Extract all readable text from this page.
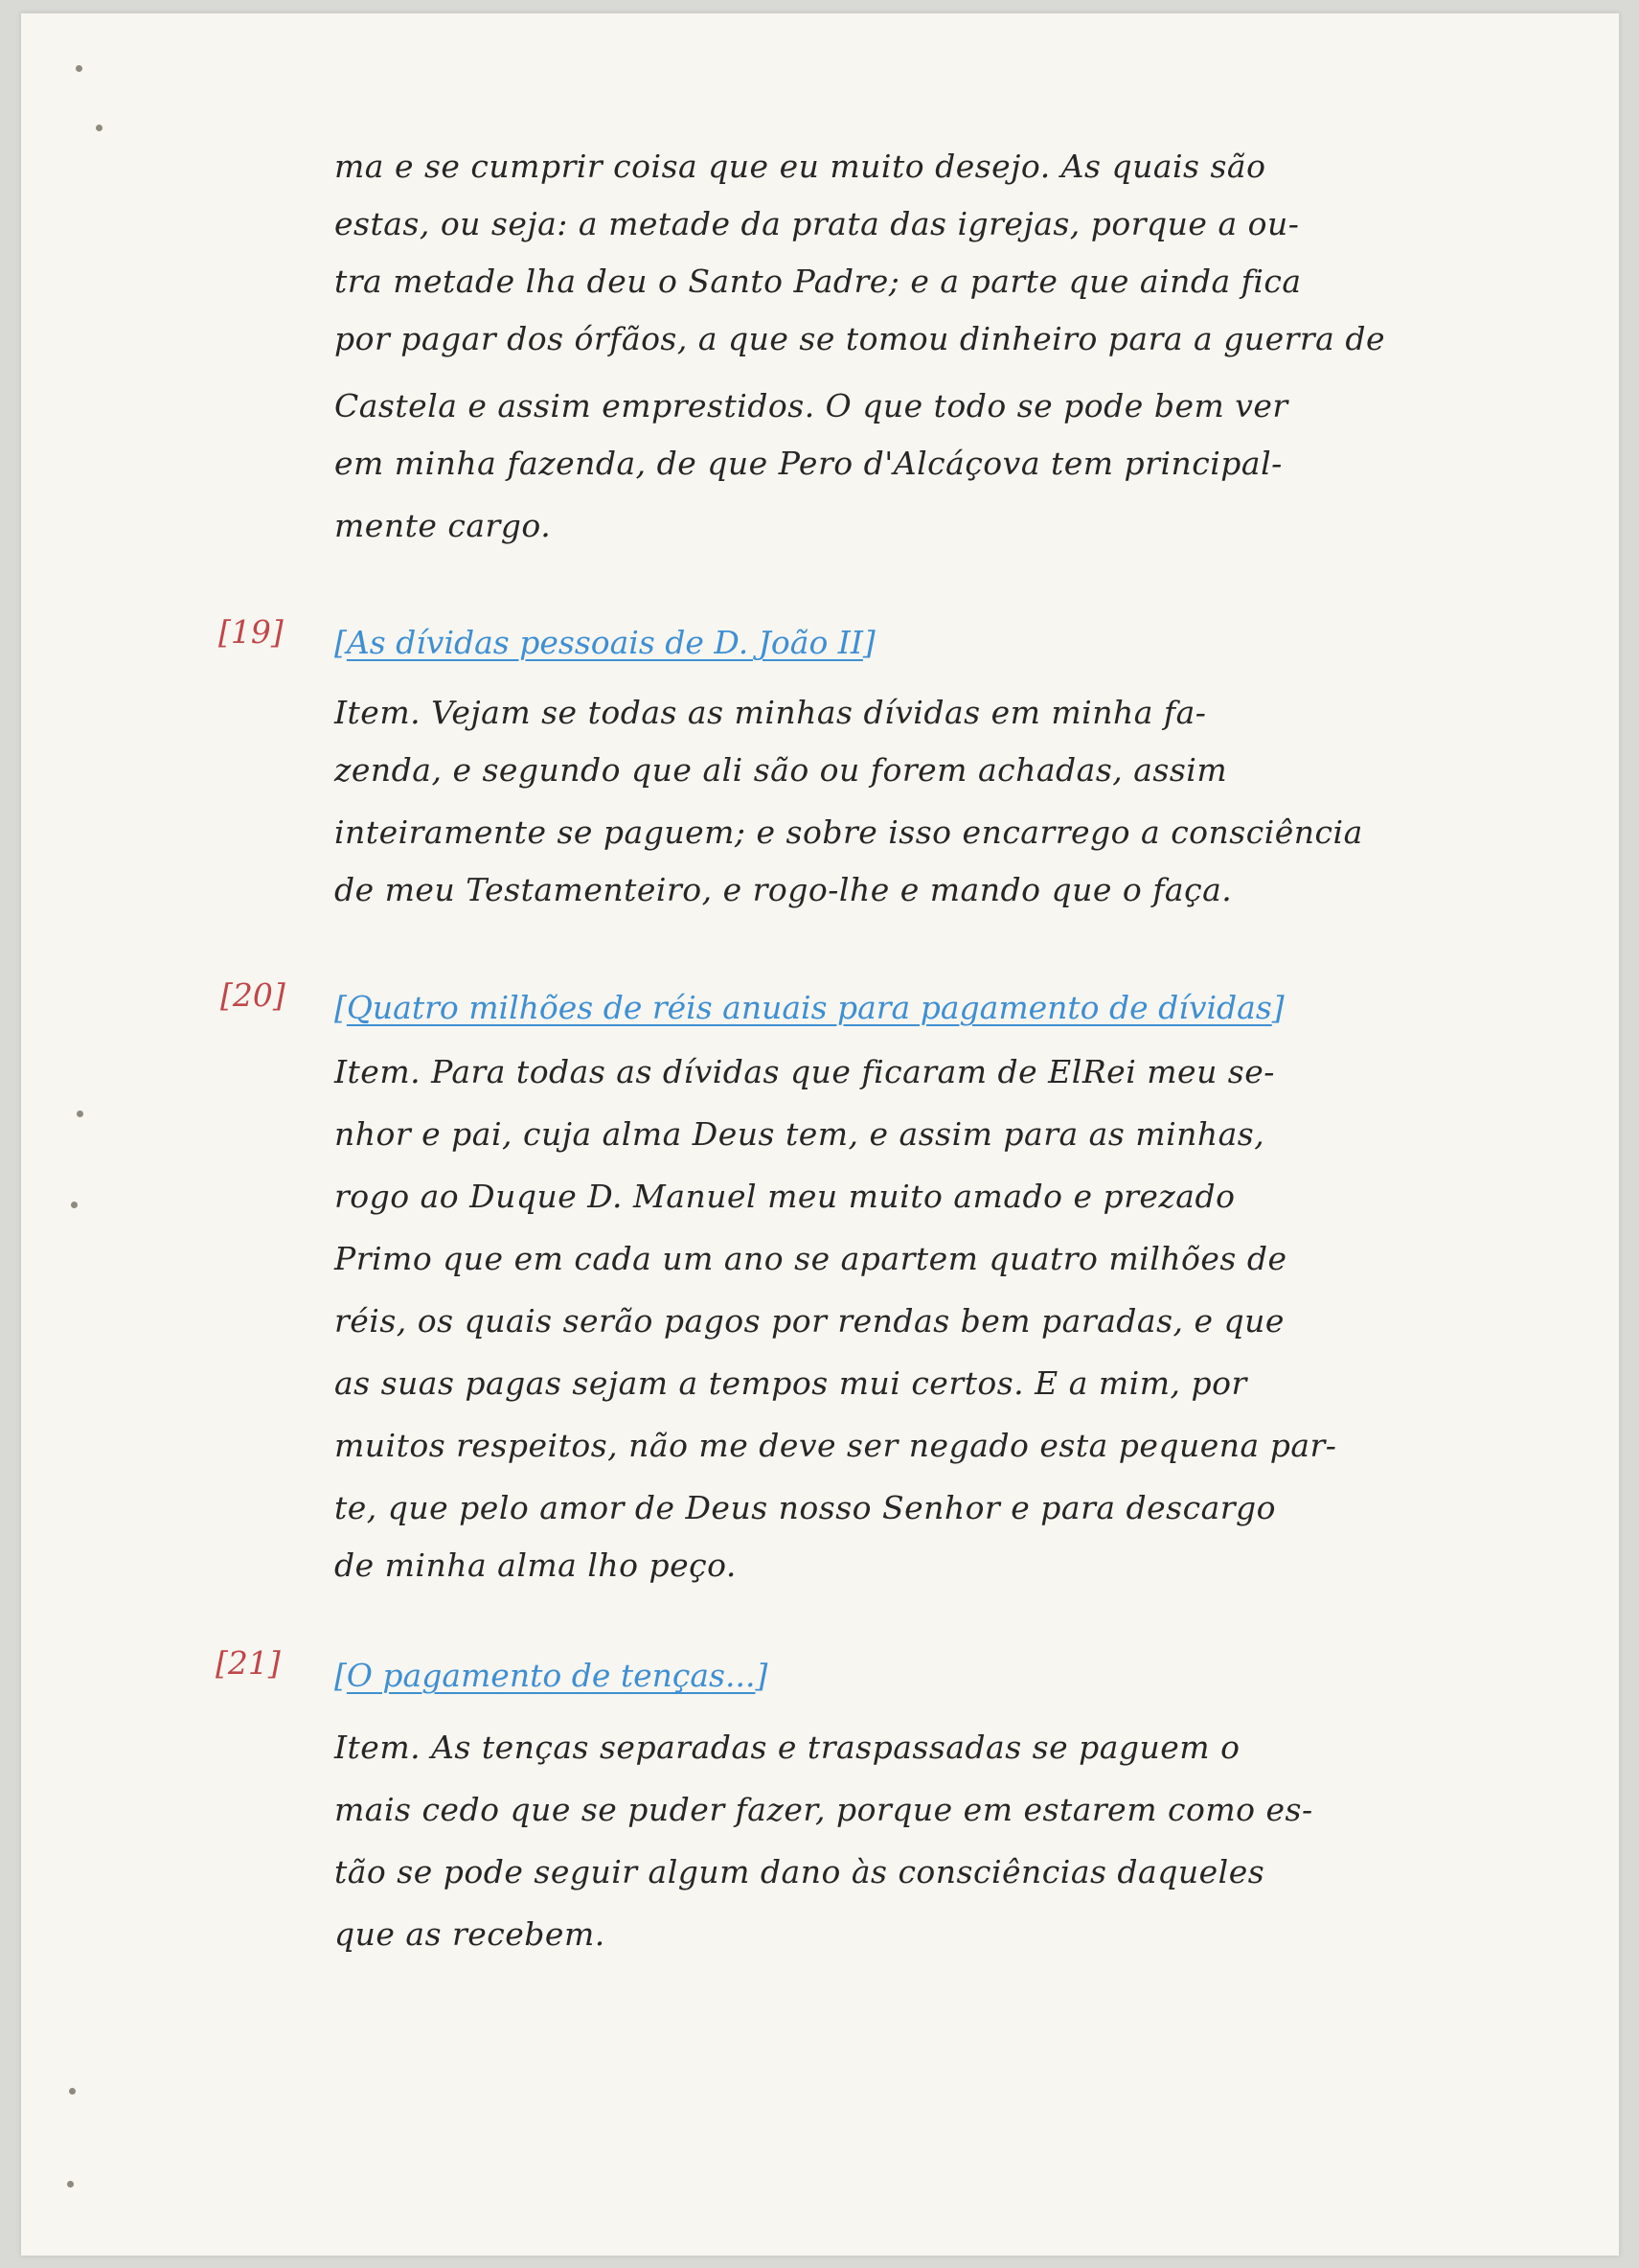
ma e se cumprir coisa que eu muito desejo. As quais são
estas, ou seja: a metade da prata das igrejas, porque a ou-
tra metade lha deu o Santo Padre; e a parte que ainda fica
por pagar dos órfãos, a que se tomou dinheiro para a guerra de
Castela e assim emprestidos. O que todo se pode bem ver
em minha fazenda, de que Pero d'Alcáçova tem principal-
mente cargo.
[19] [As dívidas pessoais de D. João II]
Item. Vejam se todas as minhas dívidas em minha fa-
zenda, e segundo que ali são ou forem achadas, assim
inteiramente se paguem; e sobre isso encarrego a consciência
de meu Testamenteiro, e rogo-lhe e mando que o faça.
[20] [Quatro milhões de réis anuais para pagamento de dívidas]
Item. Para todas as dívidas que ficaram de ElRei meu se-
nhor e pai, cuja alma Deus tem, e assim para as minhas,
rogo ao Duque D. Manuel meu muito amado e prezado
Primo que em cada um ano se apartem quatro milhões de
réis, os quais serão pagos por rendas bem paradas, e que
as suas pagas sejam a tempos mui certos. E a mim, por
muitos respeitos, não me deve ser negado esta pequena par-
te, que pelo amor de Deus nosso Senhor e para descargo
de minha alma lho peço.
[21] [O pagamento de tenças...]
Item. As tenças separadas e traspassadas se paguem o
mais cedo que se puder fazer, porque em estarem como es-
tão se pode seguir algum dano às consciências daqueles
que as recebem.
